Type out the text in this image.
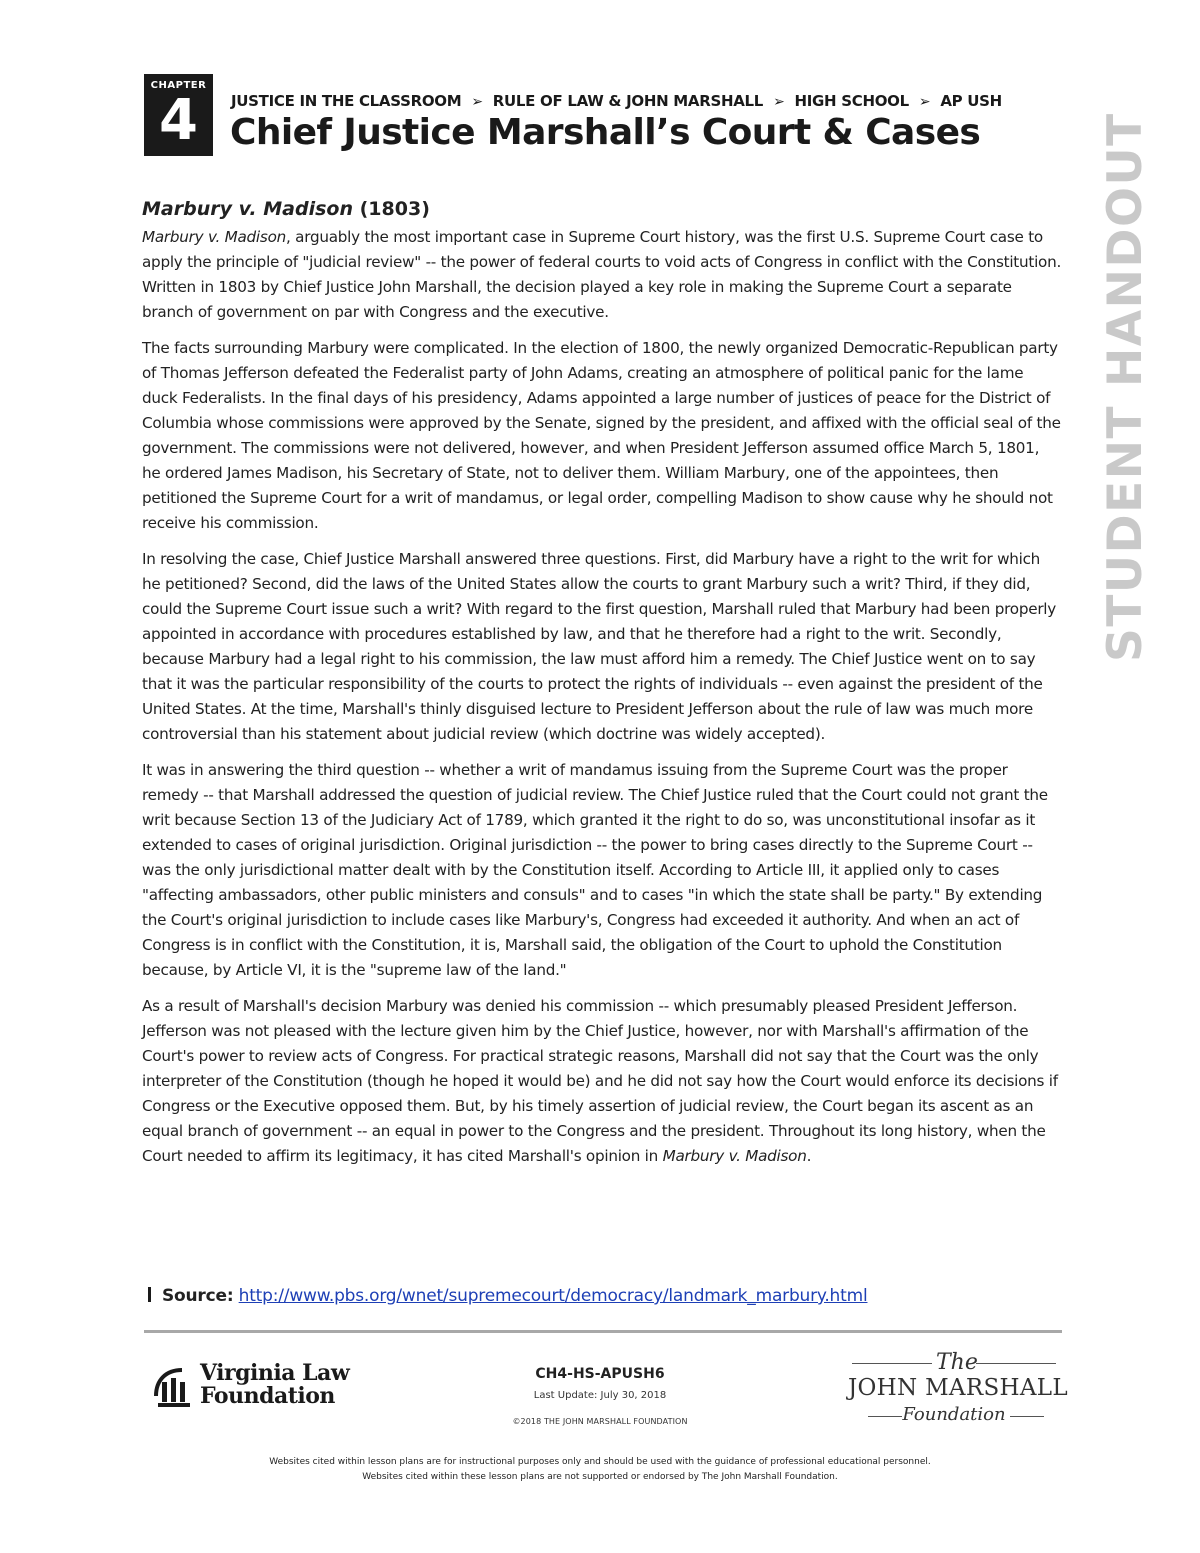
CHAPTER
4	JUSTICE IN THE CLASSROOM ➢ RULE OF LAW & JOHN MARSHALL ➢ HIGH SCHOOL ➢ AP USH
Chief Justice Marshall’s Court & Cases	STUDENT HANDOUT
Marbury v. Madison (1803)

Marbury v. Madison, arguably the most important case in Supreme Court history, was the first U.S. Supreme Court case to apply the principle of "judicial review" -- the power of federal courts to void acts of Congress in conflict with the Constitution. Written in 1803 by Chief Justice John Marshall, the decision played a key role in making the Supreme Court a separate branch of government on par with Congress and the executive.

The facts surrounding Marbury were complicated. In the election of 1800, the newly organized Democratic-Republican party of Thomas Jefferson defeated the Federalist party of John Adams, creating an atmosphere of political panic for the lame duck Federalists. In the final days of his presidency, Adams appointed a large number of justices of peace for the District of Columbia whose commissions were approved by the Senate, signed by the president, and affixed with the official seal of the government. The commissions were not delivered, however, and when President Jefferson assumed office March 5, 1801, he ordered James Madison, his Secretary of State, not to deliver them. William Marbury, one of the appointees, then petitioned the Supreme Court for a writ of mandamus, or legal order, compelling Madison to show cause why he should not receive his commission.

In resolving the case, Chief Justice Marshall answered three questions. First, did Marbury have a right to the writ for which he petitioned? Second, did the laws of the United States allow the courts to grant Marbury such a writ? Third, if they did, could the Supreme Court issue such a writ? With regard to the first question, Marshall ruled that Marbury had been properly appointed in accordance with procedures established by law, and that he therefore had a right to the writ. Secondly, because Marbury had a legal right to his commission, the law must afford him a remedy. The Chief Justice went on to say that it was the particular responsibility of the courts to protect the rights of individuals -- even against the president of the United States. At the time, Marshall's thinly disguised lecture to President Jefferson about the rule of law was much more controversial than his statement about judicial review (which doctrine was widely accepted).

It was in answering the third question -- whether a writ of mandamus issuing from the Supreme Court was the proper remedy -- that Marshall addressed the question of judicial review. The Chief Justice ruled that the Court could not grant the writ because Section 13 of the Judiciary Act of 1789, which granted it the right to do so, was unconstitutional insofar as it extended to cases of original jurisdiction. Original jurisdiction -- the power to bring cases directly to the Supreme Court -- was the only jurisdictional matter dealt with by the Constitution itself. According to Article III, it applied only to cases "affecting ambassadors, other public ministers and consuls" and to cases "in which the state shall be party." By extending the Court's original jurisdiction to include cases like Marbury's, Congress had exceeded it authority. And when an act of Congress is in conflict with the Constitution, it is, Marshall said, the obligation of the Court to uphold the Constitution because, by Article VI, it is the "supreme law of the land."

As a result of Marshall's decision Marbury was denied his commission -- which presumably pleased President Jefferson. Jefferson was not pleased with the lecture given him by the Chief Justice, however, nor with Marshall's affirmation of the Court's power to review acts of Congress. For practical strategic reasons, Marshall did not say that the Court was the only interpreter of the Constitution (though he hoped it would be) and he did not say how the Court would enforce its decisions if Congress or the Executive opposed them. But, by his timely assertion of judicial review, the Court began its ascent as an equal branch of government -- an equal in power to the Congress and the president. Throughout its long history, when the Court needed to affirm its legitimacy, it has cited Marshall's opinion in Marbury v. Madison.

Source: http://www.pbs.org/wnet/supremecourt/democracy/landmark_marbury.html
Virginia Law
Foundation
CH4-HS-APUSH6
Last Update: July 30, 2018
©2018 THE JOHN MARSHALL FOUNDATION
The
JOHN MARSHALL
Foundation
Websites cited within lesson plans are for instructional purposes only and should be used with the guidance of professional educational personnel.
Websites cited within these lesson plans are not supported or endorsed by The John Marshall Foundation.
